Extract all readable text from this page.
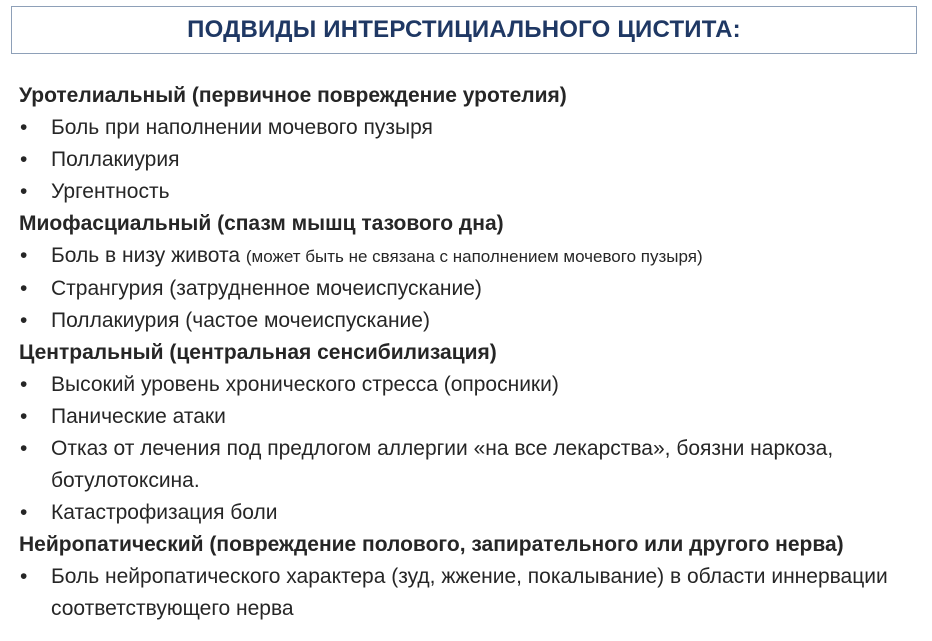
ПОДВИДЫ ИНТЕРСТИЦИАЛЬНОГО ЦИСТИТА:

Уротелиальный (первичное повреждение уротелия)

•	Боль при наполнении мочевого пузыря
•	Поллакиурия
•	Ургентность

Миофасциальный (спазм мышц тазового дна)

•	Боль в низу живота (может быть не связана с наполнением мочевого пузыря)
•	Странгурия (затрудненное мочеиспускание)
•	Поллакиурия (частое мочеиспускание)

Центральный (центральная сенсибилизация)

•	Высокий уровень хронического стресса (опросники)
•	Панические атаки
•	Отказ от лечения под предлогом аллергии «на все лекарства», боязни наркоза, ботулотоксина.
•	Катастрофизация боли

Нейропатический (повреждение полового, запирательного или другого нерва)

•	Боль нейропатического характера (зуд, жжение, покалывание) в области иннервации соответствующего нерва
